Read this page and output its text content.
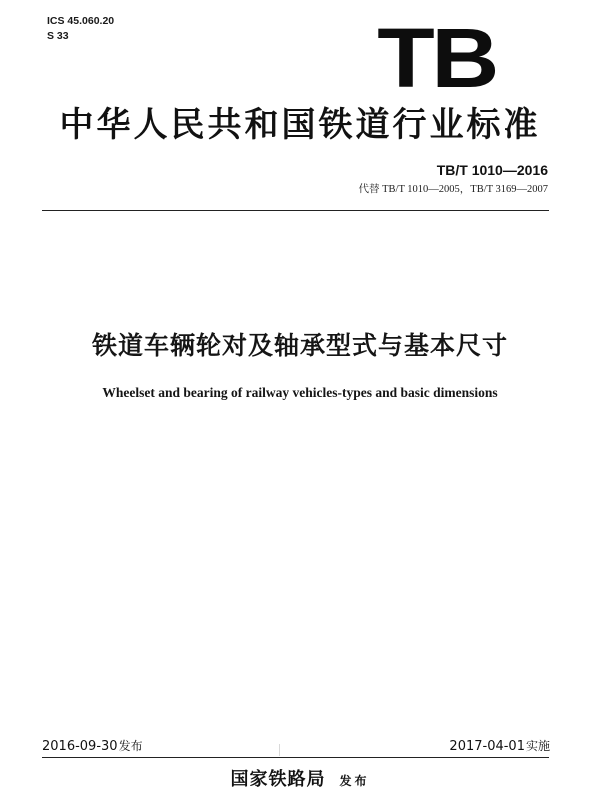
ICS 45.060.20
S 33	TB
中华人民共和国铁道行业标准
TB/T 1010—2016
代替 TB/T 1010—2005，TB/T 3169—2007
铁道车辆轮对及轴承型式与基本尺寸
Wheelset and bearing of railway vehicles-types and basic dimensions
2016-09-30发布	2017-04-01实施
国家铁路局 发布
